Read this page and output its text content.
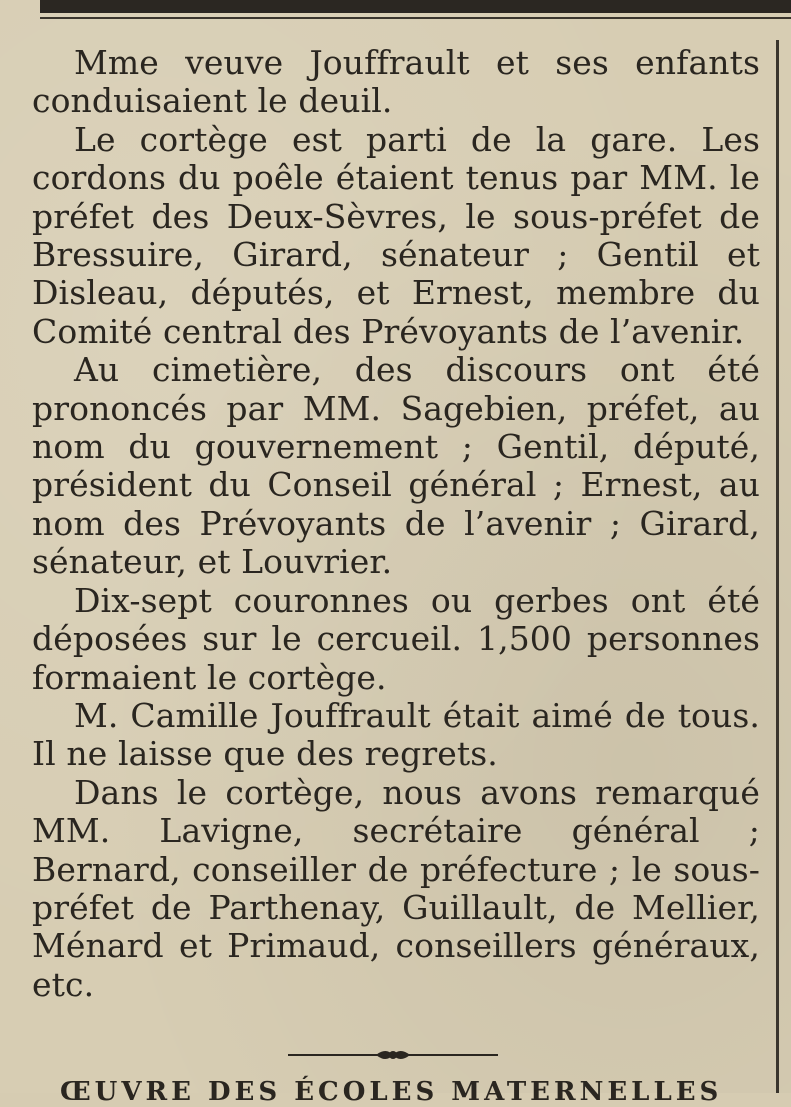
Mme veuve Jouffrault et ses enfants conduisaient le deuil.

Le cortège est parti de la gare. Les cordons du poêle étaient tenus par MM. le préfet des Deux-Sèvres, le sous-préfet de Bressuire, Girard, sénateur ; Gentil et Disleau, députés, et Ernest, membre du Comité central des Prévoyants de l’avenir.

Au cimetière, des discours ont été prononcés par MM. Sagebien, préfet, au nom du gouvernement ; Gentil, député, président du Conseil général ; Ernest, au nom des Prévoyants de l’avenir ; Girard, sénateur, et Louvrier.

Dix-sept couronnes ou gerbes ont été déposées sur le cercueil. 1,500 personnes formaient le cortège.

M. Camille Jouffrault était aimé de tous. Il ne laisse que des regrets.

Dans le cortège, nous avons remarqué MM. Lavigne, secrétaire général ; Bernard, conseiller de préfecture ; le sous-préfet de Parthenay, Guillault, de Mellier, Ménard et Primaud, conseillers généraux, etc.

ŒUVRE DES ÉCOLES MATERNELLES
